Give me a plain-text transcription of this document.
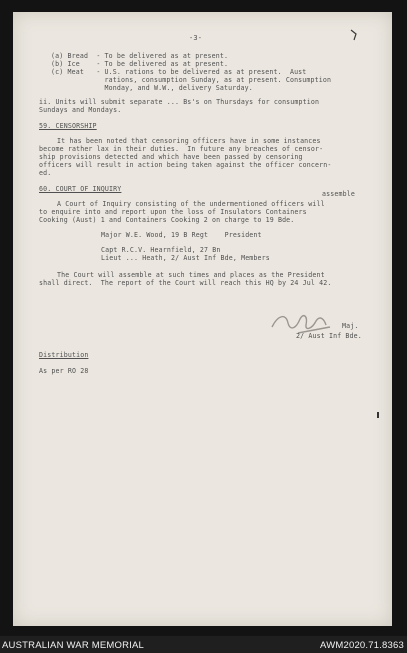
-3-
(a) Bread  - To be delivered as at present.
(b) Ice    - To be delivered as at present.
(c) Meat   - U.S. rations to be delivered as at present.  Aust
rations, consumption Sunday, as at present. Consumption
Monday, and W.W., delivery Saturday.
ii. Units will submit separate ... Bs's on Thursdays for consumption
Sundays and Mondays.
59. CENSORSHIP
It has been noted that censoring officers have in some instances
become rather lax in their duties.  In future any breaches of censor-
ship provisions detected and which have been passed by censoring
officers will result in action being taken against the officer concern-
ed.
60. COURT OF INQUIRY
assemble
A Court of Inquiry consisting of the undermentioned officers will
to enquire into and report upon the loss of Insulators Containers
Cooking (Aust) 1 and Containers Cooking 2 on charge to 19 Bde.
Major W.E. Wood, 19 B Regt    President
Capt R.C.V. Hearnfield, 27 Bn
Lieut ... Heath, 2/ Aust Inf Bde, Members
The Court will assemble at such times and places as the President
shall direct.  The report of the Court will reach this HQ by 24 Jul 42.
Maj.
2/ Aust Inf Bde.
Distribution
As per RO 28
AUSTRALIAN WAR MEMORIAL	AWM2020.71.8363
